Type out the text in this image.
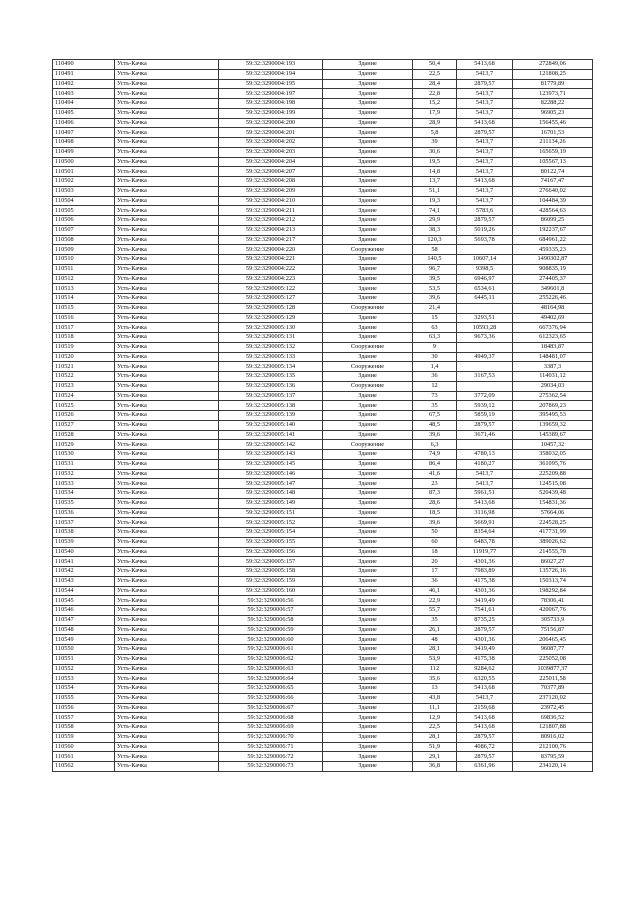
110490	Усть-Качка	59:32:3290004:193	Здание	50,4	5413,68	272849,06
110491	Усть-Качка	59:32:3290004:194	Здание	22,5	5413,7	121808,25
110492	Усть-Качка	59:32:3290004:195	Здание	28,4	2879,57	81779,89
110493	Усть-Качка	59:32:3290004:197	Здание	22,8	5413,7	123973,71
110494	Усть-Качка	59:32:3290004:198	Здание	15,2	5413,7	82288,22
110495	Усть-Качка	59:32:3290004:199	Здание	17,9	5413,7	96905,23
110496	Усть-Качка	59:32:3290004:200	Здание	28,9	5413,68	156455,46
110497	Усть-Качка	59:32:3290004:201	Здание	5,8	2879,57	16701,53
110498	Усть-Качка	59:32:3290004:202	Здание	39	5413,7	211134,26
110499	Усть-Качка	59:32:3290004:203	Здание	30,6	5413,7	165659,19
110500	Усть-Качка	59:32:3290004:204	Здание	19,5	5413,7	105567,13
110501	Усть-Качка	59:32:3290004:207	Здание	14,8	5413,7	80122,74
110502	Усть-Качка	59:32:3290004:208	Здание	13,7	5413,68	74167,47
110503	Усть-Качка	59:32:3290004:209	Здание	51,1	5413,7	276640,02
110504	Усть-Качка	59:32:3290004:210	Здание	19,3	5413,7	104484,39
110505	Усть-Качка	59:32:3290004:211	Здание	74,1	5783,6	428564,63
110506	Усть-Качка	59:32:3290004:212	Здание	29,9	2879,57	86099,25
110507	Усть-Качка	59:32:3290004:213	Здание	38,3	5019,26	192237,67
110508	Усть-Качка	59:32:3290004:217	Здание	120,3	5693,78	684961,22
110509	Усть-Качка	59:32:3290004:220	Сооружение	58		459335,23
110510	Усть-Качка	59:32:3290004:221	Здание	140,5	10607,14	1490302,87
110511	Усть-Качка	59:32:3290004:222	Здание	96,7	9398,5	908835,19
110512	Усть-Качка	59:32:3290004:223	Здание	39,5	6946,97	274405,37
110513	Усть-Качка	59:32:3290005:122	Здание	53,5	6534,61	349601,8
110514	Усть-Качка	59:32:3290005:127	Здание	39,6	6445,11	255226,46
110515	Усть-Качка	59:32:3290005:128	Сооружение	21,4		48164,98
110516	Усть-Качка	59:32:3290005:129	Здание	15	3293,51	49402,69
110517	Усть-Качка	59:32:3290005:130	Здание	63	10593,28	667376,94
110518	Усть-Качка	59:32:3290005:131	Здание	63,3	9673,36	612323,65
110519	Усть-Качка	59:32:3290005:132	Сооружение	9		18483,87
110520	Усть-Качка	59:32:3290005:133	Здание	30	4949,37	148481,07
110521	Усть-Качка	59:32:3290005:134	Сооружение	1,4		3387,3
110522	Усть-Качка	59:32:3290005:135	Здание	36	3167,53	114031,12
110523	Усть-Качка	59:32:3290005:136	Сооружение	12		29034,03
110524	Усть-Качка	59:32:3290005:137	Здание	73	3772,09	275362,54
110525	Усть-Качка	59:32:3290005:138	Здание	35	5939,12	207869,23
110526	Усть-Качка	59:32:3290005:139	Здание	67,5	5859,19	395495,53
110527	Усть-Качка	59:32:3290005:140	Здание	48,5	2879,57	139659,32
110528	Усть-Качка	59:32:3290005:141	Здание	39,6	3671,46	145389,67
110529	Усть-Качка	59:32:3290005:142	Сооружение	6,3		10457,32
110530	Усть-Качка	59:32:3290005:143	Здание	74,9	4780,13	358032,05
110531	Усть-Качка	59:32:3290005:145	Здание	86,4	4180,27	361095,76
110532	Усть-Качка	59:32:3290005:146	Здание	41,6	5413,7	225209,88
110533	Усть-Качка	59:32:3290005:147	Здание	23	5413,7	124515,08
110534	Усть-Качка	59:32:3290005:148	Здание	87,3	5961,51	520439,48
110535	Усть-Качка	59:32:3290005:149	Здание	28,6	5413,68	154831,36
110536	Усть-Качка	59:32:3290005:151	Здание	18,5	3116,98	57664,06
110537	Усть-Качка	59:32:3290005:152	Здание	39,6	5669,91	224528,25
110538	Усть-Качка	59:32:3290005:154	Здание	50	8354,64	417731,99
110539	Усть-Качка	59:32:3290005:155	Здание	60	6483,78	389026,62
110540	Усть-Качка	59:32:3290005:156	Здание	18	11919,77	214555,78
110541	Усть-Качка	59:32:3290005:157	Здание	20	4301,36	86027,27
110542	Усть-Качка	59:32:3290005:158	Здание	17	7983,89	135726,16
110543	Усть-Качка	59:32:3290005:159	Здание	36	4175,38	150313,74
110544	Усть-Качка	59:32:3290005:160	Здание	46,1	4301,36	198292,84
110545	Усть-Качка	59:32:3290006:56	Здание	22,9	3419,49	78306,41
110546	Усть-Качка	59:32:3290006:57	Здание	55,7	7541,61	420067,76
110547	Усть-Качка	59:32:3290006:58	Здание	35	8735,25	305733,9
110548	Усть-Качка	59:32:3290006:59	Здание	26,1	2879,57	75156,87
110549	Усть-Качка	59:32:3290006:60	Здание	48	4301,36	206465,45
110550	Усть-Качка	59:32:3290006:61	Здание	28,1	3419,49	96087,77
110551	Усть-Качка	59:32:3290006:62	Здание	53,9	4175,38	225052,08
110552	Усть-Качка	59:32:3290006:63	Здание	112	9284,62	1039877,37
110553	Усть-Качка	59:32:3290006:64	Здание	35,6	6320,55	225011,58
110554	Усть-Качка	59:32:3290006:65	Здание	13	5413,68	70377,89
110555	Усть-Качка	59:32:3290006:66	Здание	43,8	5413,7	237120,02
110556	Усть-Качка	59:32:3290006:67	Здание	11,1	2159,68	23972,45
110557	Усть-Качка	59:32:3290006:68	Здание	12,9	5413,68	69836,52
110558	Усть-Качка	59:32:3290006:69	Здание	22,5	5413,68	121807,88
110559	Усть-Качка	59:32:3290006:70	Здание	28,1	2879,57	80916,02
110560	Усть-Качка	59:32:3290006:71	Здание	51,9	4086,72	212100,76
110561	Усть-Качка	59:32:3290006:72	Здание	29,1	2879,57	83795,59
110562	Усть-Качка	59:32:3290006:73	Здание	36,8	6361,96	234120,14
